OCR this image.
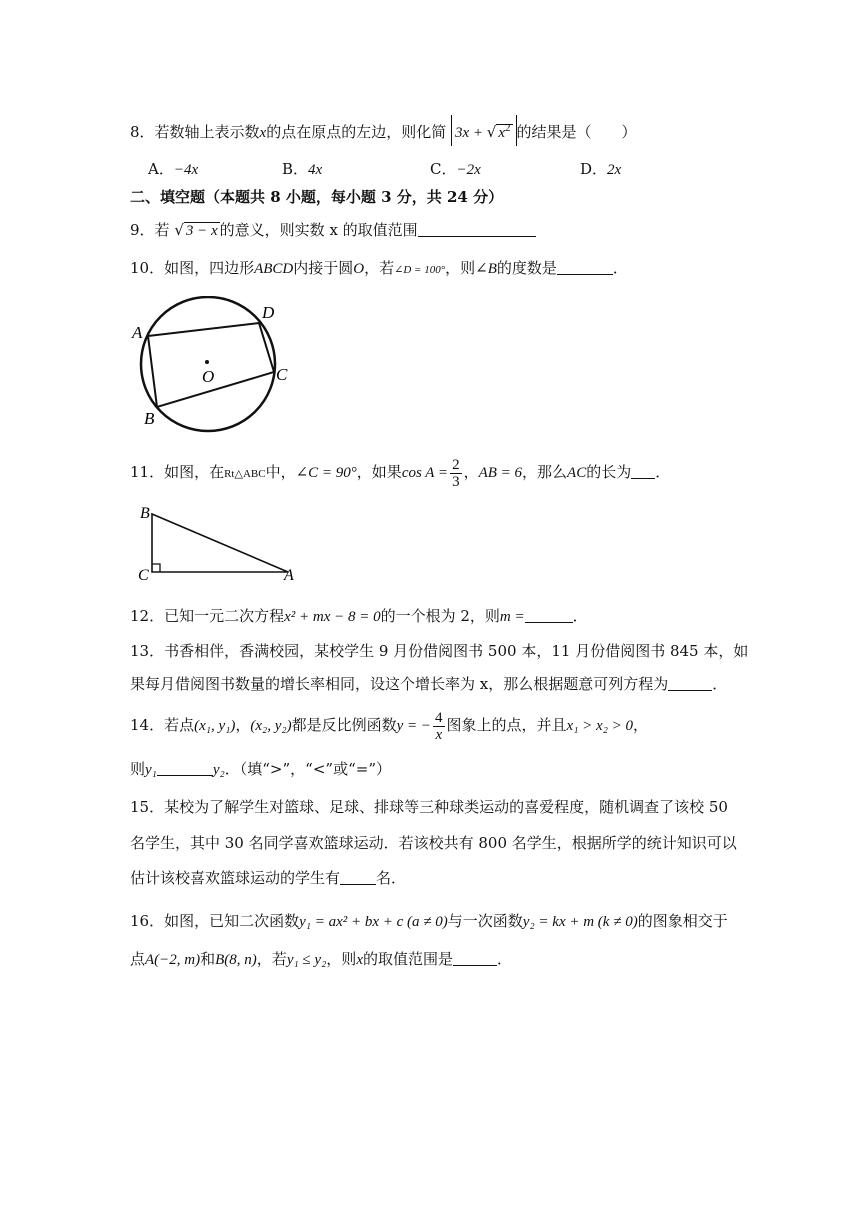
8．若数轴上表示数x的点在原点的左边，则化简 3x + √ $x^2$ 的结果是（　　）
A．−4x	B．4x	C．−2x	D．2x
二、填空题（本题共 8 小题，每小题 3 分，共 24 分）
9．若 √ 3 − x 的意义，则实数 x 的取值范围
10．如图，四边形ABCD内接于圆O，若∠D = 100°，则∠B的度数是	．
A
D
C
B
O
11．如图，在Rt△ABC中，∠C = 90°，如果$\cos A = \frac{2}{3}$ ，AB = 6，那么AC的长为 ．
B
C	A
12．已知一元二次方程x² + mx − 8 = 0的一个根为 2，则m =	．
13．书香相伴，香满校园，某校学生 9 月份借阅图书 500 本，11 月份借阅图书 845 本，如
果每月借阅图书数量的增长率相同，设这个增长率为 x，那么根据题意可列方程为	．
14．若点(x₁, y₁)，(x₂, y₂)都是反比例函数y = − $\frac{4}{x}$ 图象上的点，并且x₁ > x₂ > 0，
则y₁	y₂．（填“>”，“<”或“=”）
15．某校为了解学生对篮球、足球、排球等三种球类运动的喜爱程度，随机调查了该校 50
名学生，其中 30 名同学喜欢篮球运动．若该校共有 800 名学生，根据所学的统计知识可以
估计该校喜欢篮球运动的学生有 名．
16．如图，已知二次函数y₁ = ax² + bx + c (a ≠ 0)与一次函数y₂ = kx + m (k ≠ 0)的图象相交于
点A(−2, m)和B(8, n)，若y₁ ≤ y₂，则x的取值范围是	．
